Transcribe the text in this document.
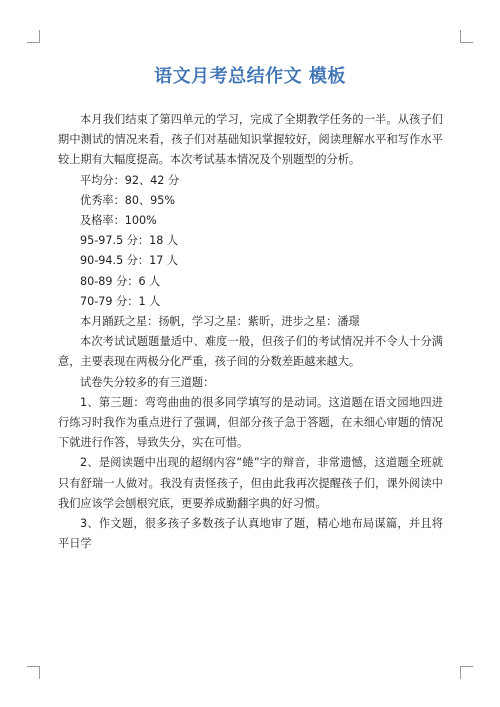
语文月考总结作文 模板

本月我们结束了第四单元的学习，完成了全期教学任务的一半。从孩子们期中测试的情况来看，孩子们对基础知识掌握较好，阅读理解水平和写作水平较上期有大幅度提高。本次考试基本情况及个别题型的分析。

平均分：92、42 分

优秀率：80、95%

及格率：100%

95-97.5 分：18 人

90-94.5 分：17 人

80-89 分：6 人

70-79 分：1 人

本月踊跃之星：扬帆，学习之星：紫昕，进步之星：潘璟

本次考试试题题量适中、难度一般，但孩子们的考试情况并不令人十分满意，主要表现在两极分化严重，孩子间的分数差距越来越大。

试卷失分较多的有三道题：

1、第三题：弯弯曲曲的很多同学填写的是动词。这道题在语文园地四进行练习时我作为重点进行了强调，但部分孩子急于答题，在未细心审题的情况下就进行作答，导致失分，实在可惜。

2、是阅读题中出现的超纲内容“蜷”字的辩音，非常遗憾，这道题全班就只有舒瑞一人做对。我没有责怪孩子，但由此我再次提醒孩子们，课外阅读中我们应该学会刨根究底，更要养成勤翻字典的好习惯。

3、作文题，很多孩子多数孩子认真地审了题，精心地布局谋篇，并且将平日学
